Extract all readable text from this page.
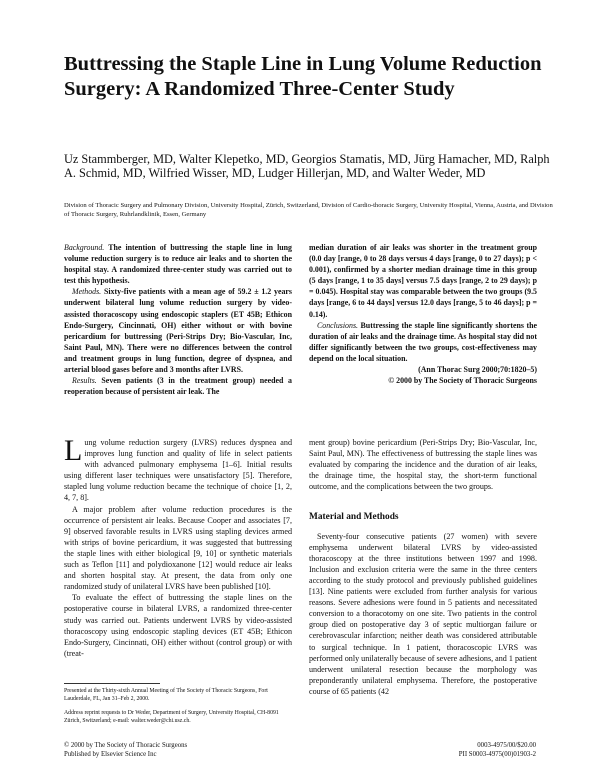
Buttressing the Staple Line in Lung Volume Reduction Surgery: A Randomized Three-Center Study
Uz Stammberger, MD, Walter Klepetko, MD, Georgios Stamatis, MD, Jürg Hamacher, MD, Ralph A. Schmid, MD, Wilfried Wisser, MD, Ludger Hillerjan, MD, and Walter Weder, MD
Division of Thoracic Surgery and Pulmonary Division, University Hospital, Zürich, Switzerland, Division of Cardio-thoracic Surgery, University Hospital, Vienna, Austria, and Division of Thoracic Surgery, Ruhrlandklinik, Essen, Germany

Background. The intention of buttressing the staple line in lung volume reduction surgery is to reduce air leaks and to shorten the hospital stay. A randomized three-center study was carried out to test this hypothesis.

Methods. Sixty-five patients with a mean age of 59.2 ± 1.2 years underwent bilateral lung volume reduction surgery by video-assisted thoracoscopy using endoscopic staplers (ET 45B; Ethicon Endo-Surgery, Cincinnati, OH) either without or with bovine pericardium for buttressing (Peri-Strips Dry; Bio-Vascular, Inc, Saint Paul, MN). There were no differences between the control and treatment groups in lung function, degree of dyspnea, and arterial blood gases before and 3 months after LVRS.

Results. Seven patients (3 in the treatment group) needed a reoperation because of persistent air leak. The

median duration of air leaks was shorter in the treatment group (0.0 day [range, 0 to 28 days versus 4 days [range, 0 to 27 days); p < 0.001), confirmed by a shorter median drainage time in this group (5 days [range, 1 to 35 days] versus 7.5 days [range, 2 to 29 days); p = 0.045). Hospital stay was comparable between the two groups (9.5 days [range, 6 to 44 days] versus 12.0 days [range, 5 to 46 days]; p = 0.14).

Conclusions. Buttressing the staple line significantly shortens the duration of air leaks and the drainage time. As hospital stay did not differ significantly between the two groups, cost-effectiveness may depend on the local situation.

(Ann Thorac Surg 2000;70:1820–5)
© 2000 by The Society of Thoracic Surgeons

Lung volume reduction surgery (LVRS) reduces dyspnea and improves lung function and quality of life in select patients with advanced pulmonary emphysema [1–6]. Initial results using different laser techniques were unsatisfactory [5]. Therefore, stapled lung volume reduction became the technique of choice [1, 2, 4, 7, 8].

A major problem after volume reduction procedures is the occurrence of persistent air leaks. Because Cooper and associates [7, 9] observed favorable results in LVRS using stapling devices armed with strips of bovine pericardium, it was suggested that buttressing the staple lines with either biological [9, 10] or synthetic materials such as Teflon [11] and polydioxanone [12] would reduce air leaks and shorten hospital stay. At present, the data from only one randomized study of unilateral LVRS have been published [10].

To evaluate the effect of buttressing the staple lines on the postoperative course in bilateral LVRS, a randomized three-center study was carried out. Patients underwent LVRS by video-assisted thoracoscopy using endoscopic stapling devices (ET 45B; Ethicon Endo-Surgery, Cincinnati, OH) either without (control group) or with (treat-

ment group) bovine pericardium (Peri-Strips Dry; Bio-Vascular, Inc, Saint Paul, MN). The effectiveness of buttressing the staple lines was evaluated by comparing the incidence and the duration of air leaks, the drainage time, the hospital stay, the short-term functional outcome, and the complications between the two groups.

Material and Methods

Seventy-four consecutive patients (27 women) with severe emphysema underwent bilateral LVRS by video-assisted thoracoscopy at the three institutions between 1997 and 1998. Inclusion and exclusion criteria were the same in the three centers according to the study protocol and previously published guidelines [13]. Nine patients were excluded from further analysis for various reasons. Severe adhesions were found in 5 patients and necessitated conversion to a thoracotomy on one site. Two patients in the control group died on postoperative day 3 of septic multiorgan failure or cerebrovascular infarction; neither death was considered attributable to surgical technique. In 1 patient, thoracoscopic LVRS was performed only unilaterally because of severe adhesions, and 1 patient underwent unilateral resection because the morphology was preponderantly unilateral emphysema. Therefore, the postoperative course of 65 patients (42

Presented at the Thirty-sixth Annual Meeting of The Society of Thoracic Surgeons, Fort Lauderdale, FL, Jan 31–Feb 2, 2000.
Address reprint requests to Dr Weder, Department of Surgery, University Hospital, CH-8091 Zürich, Switzerland; e-mail: walter.weder@chi.usz.ch.
© 2000 by The Society of Thoracic Surgeons
Published by Elsevier Science Inc
0003-4975/00/$20.00
PII S0003-4975(00)01903-2
